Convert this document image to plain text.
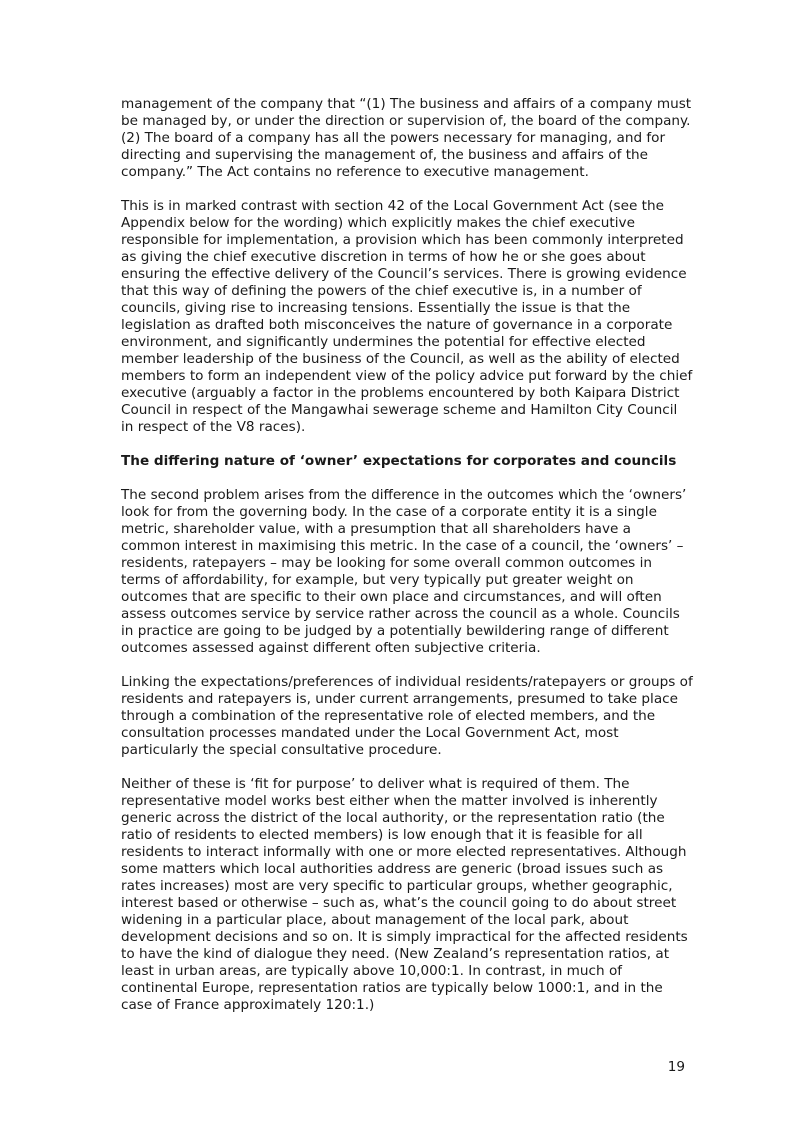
management of the company that “(1) The business and affairs of a company must be managed by, or under the direction or supervision of, the board of the company. (2) The board of a company has all the powers necessary for managing, and for directing and supervising the management of, the business and affairs of the company.” The Act contains no reference to executive management.

This is in marked contrast with section 42 of the Local Government Act (see the Appendix below for the wording) which explicitly makes the chief executive responsible for implementation, a provision which has been commonly interpreted as giving the chief executive discretion in terms of how he or she goes about ensuring the effective delivery of the Council’s services. There is growing evidence that this way of defining the powers of the chief executive is, in a number of councils, giving rise to increasing tensions. Essentially the issue is that the legislation as drafted both misconceives the nature of governance in a corporate environment, and significantly undermines the potential for effective elected member leadership of the business of the Council, as well as the ability of elected members to form an independent view of the policy advice put forward by the chief executive (arguably a factor in the problems encountered by both Kaipara District Council in respect of the Mangawhai sewerage scheme and Hamilton City Council in respect of the V8 races).

The differing nature of ‘owner’ expectations for corporates and councils

The second problem arises from the difference in the outcomes which the ‘owners’ look for from the governing body. In the case of a corporate entity it is a single metric, shareholder value, with a presumption that all shareholders have a common interest in maximising this metric. In the case of a council, the ‘owners’ – residents, ratepayers – may be looking for some overall common outcomes in terms of affordability, for example, but very typically put greater weight on outcomes that are specific to their own place and circumstances, and will often assess outcomes service by service rather across the council as a whole. Councils in practice are going to be judged by a potentially bewildering range of different outcomes assessed against different often subjective criteria.

Linking the expectations/preferences of individual residents/ratepayers or groups of residents and ratepayers is, under current arrangements, presumed to take place through a combination of the representative role of elected members, and the consultation processes mandated under the Local Government Act, most particularly the special consultative procedure.

Neither of these is ‘fit for purpose’ to deliver what is required of them. The representative model works best either when the matter involved is inherently generic across the district of the local authority, or the representation ratio (the ratio of residents to elected members) is low enough that it is feasible for all residents to interact informally with one or more elected representatives. Although some matters which local authorities address are generic (broad issues such as rates increases) most are very specific to particular groups, whether geographic, interest based or otherwise – such as, what’s the council going to do about street widening in a particular place, about management of the local park, about development decisions and so on. It is simply impractical for the affected residents to have the kind of dialogue they need. (New Zealand’s representation ratios, at least in urban areas, are typically above 10,000:1. In contrast, in much of continental Europe, representation ratios are typically below 1000:1, and in the case of France approximately 120:1.)

19
